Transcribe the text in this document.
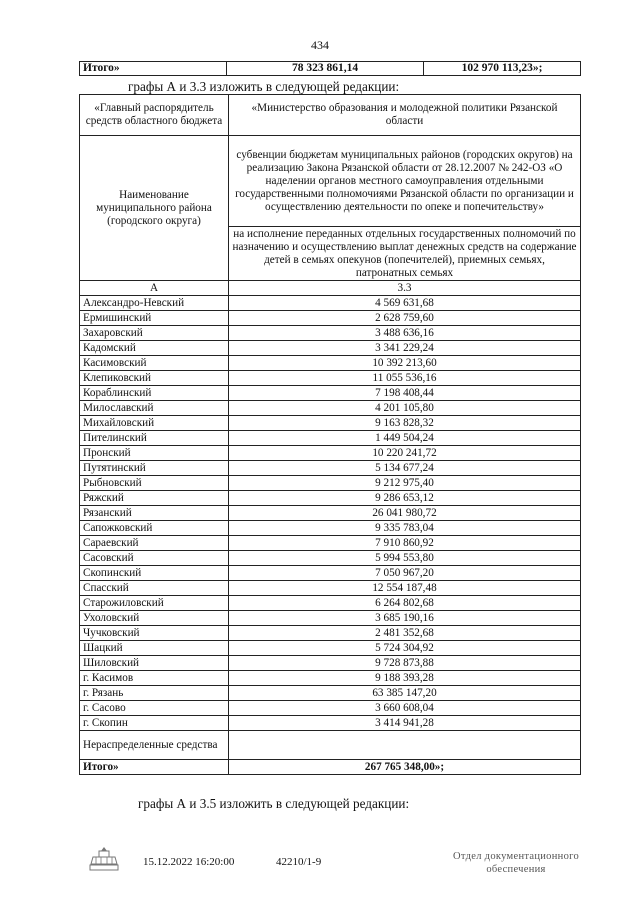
434
Итого»	78 323 861,14	102 970 113,23»;
графы А и 3.3 изложить в следующей редакции:
«Главный распорядитель средств областного бюджета	«Министерство образования и молодежной политики Рязанской области
Наименование муниципального района (городского округа)	субвенции бюджетам муниципальных районов (городских округов) на реализацию Закона Рязанской области от 28.12.2007 № 242-ОЗ «О наделении органов местного самоуправления отдельными государственными полномочиями Рязанской области по организации и осуществлению деятельности по опеке и попечительству»
	на исполнение переданных отдельных государственных полномочий по назначению и осуществлению выплат денежных средств на содержание детей в семьях опекунов (попечителей), приемных семьях, патронатных семьях
А	3.3
Александро-Невский	4 569 631,68
Ермишинский	2 628 759,60
Захаровский	3 488 636,16
Кадомский	3 341 229,24
Касимовский	10 392 213,60
Клепиковский	11 055 536,16
Кораблинский	7 198 408,44
Милославский	4 201 105,80
Михайловский	9 163 828,32
Пителинский	1 449 504,24
Пронский	10 220 241,72
Путятинский	5 134 677,24
Рыбновский	9 212 975,40
Ряжский	9 286 653,12
Рязанский	26 041 980,72
Сапожковский	9 335 783,04
Сараевский	7 910 860,92
Сасовский	5 994 553,80
Скопинский	7 050 967,20
Спасский	12 554 187,48
Старожиловский	6 264 802,68
Ухоловский	3 685 190,16
Чучковский	2 481 352,68
Шацкий	5 724 304,92
Шиловский	9 728 873,88
г. Касимов	9 188 393,28
г. Рязань	63 385 147,20
г. Сасово	3 660 608,04
г. Скопин	3 414 941,28
Нераспределенные средства	
Итого»	267 765 348,00»;
графы А и 3.5 изложить в следующей редакции:
15.12.2022 16:20:00	42210/1-9	Отдел документационного
обеспечения
